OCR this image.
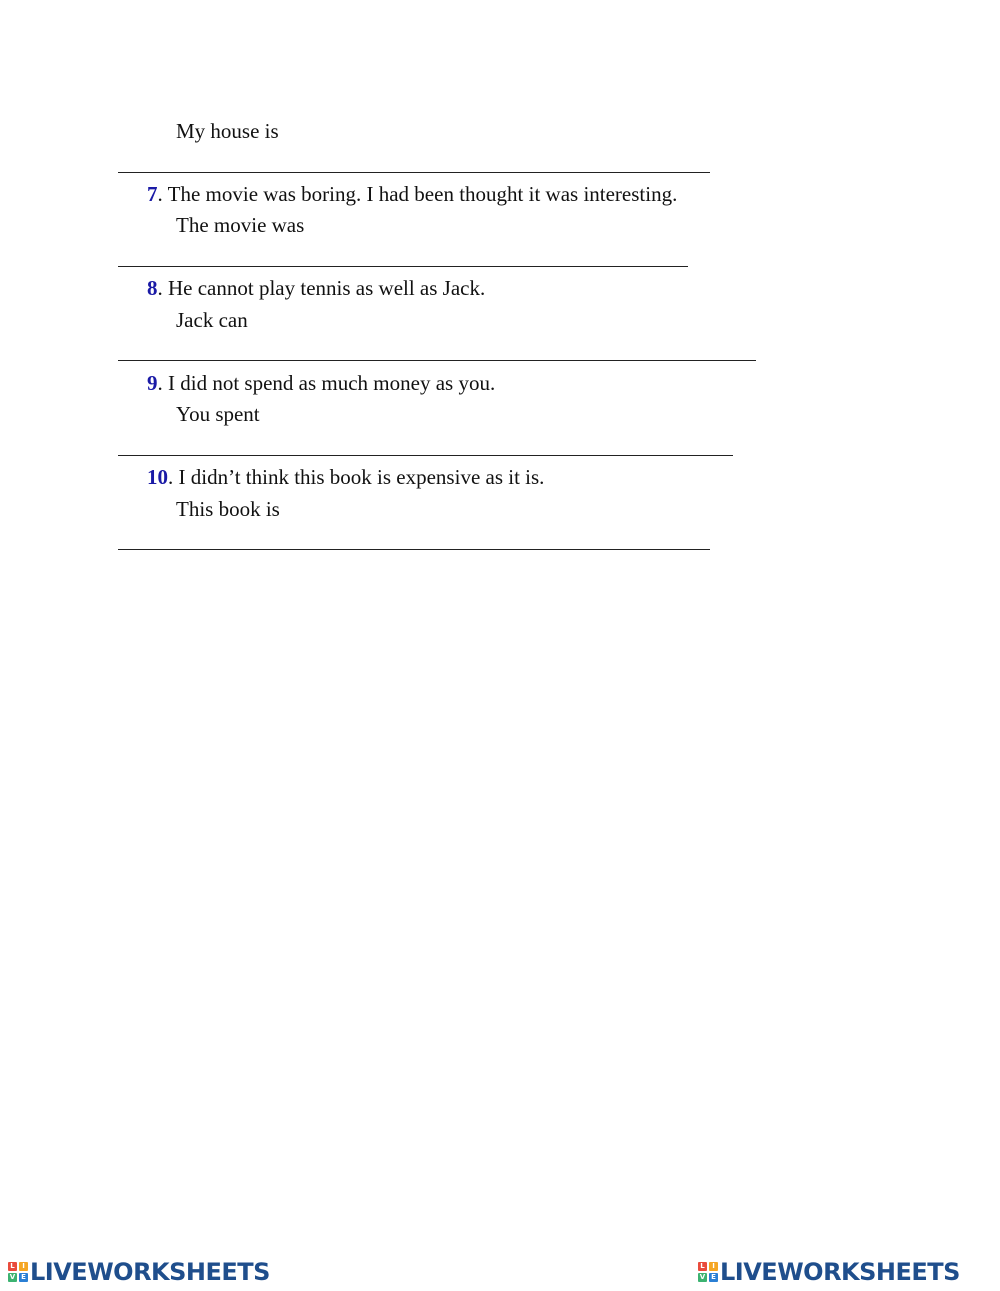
My house is
7. The movie was boring. I had been thought it was interesting.
The movie was
8. He cannot play tennis as well as Jack.
Jack can
9. I did not spend as much money as you.
You spent
10. I didn’t think this book is expensive as it is.
This book is
L	I
V E LIVEWORKSHEETS	L	I
V E LIVEWORKSHEETS
